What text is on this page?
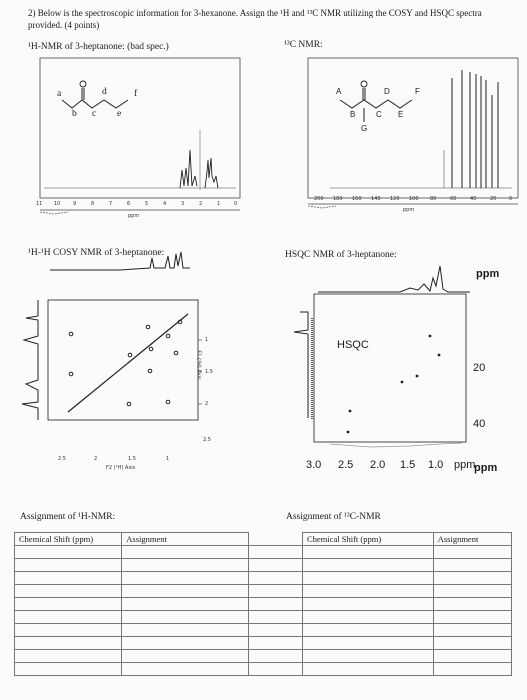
2) Below is the spectroscopic information for 3-hexanone. Assign the ¹H and ¹³C NMR utilizing the COSY and HSQC spectra provided. (4 points)
¹H-NMR of 3-heptanone: (bad spec.)
a
b c
d
e
f
11 10	9	8	7	6	5	4	3	2	1	0
ppm
¹³C NMR:
A
B	C
D
E
F
G
200 180 160 140 120 100 80	60	40	20	0
ppm
¹H-¹H COSY NMR of 3-heptanone:
2.5	2	1.5	1
F2 (¹H) Axis
1
1.5
2
2.5
F1 (¹H) Axis
HSQC NMR of 3-heptanone:
HSQC
ppm
20
40
ppm
3.0 2.5 2.0 1.5 1.0 ppm
Assignment of ¹H-NMR:	Assignment of ¹³C-NMR
Chemical Shift (ppm)	Assignment		Chemical Shift (ppm)	Assignment
